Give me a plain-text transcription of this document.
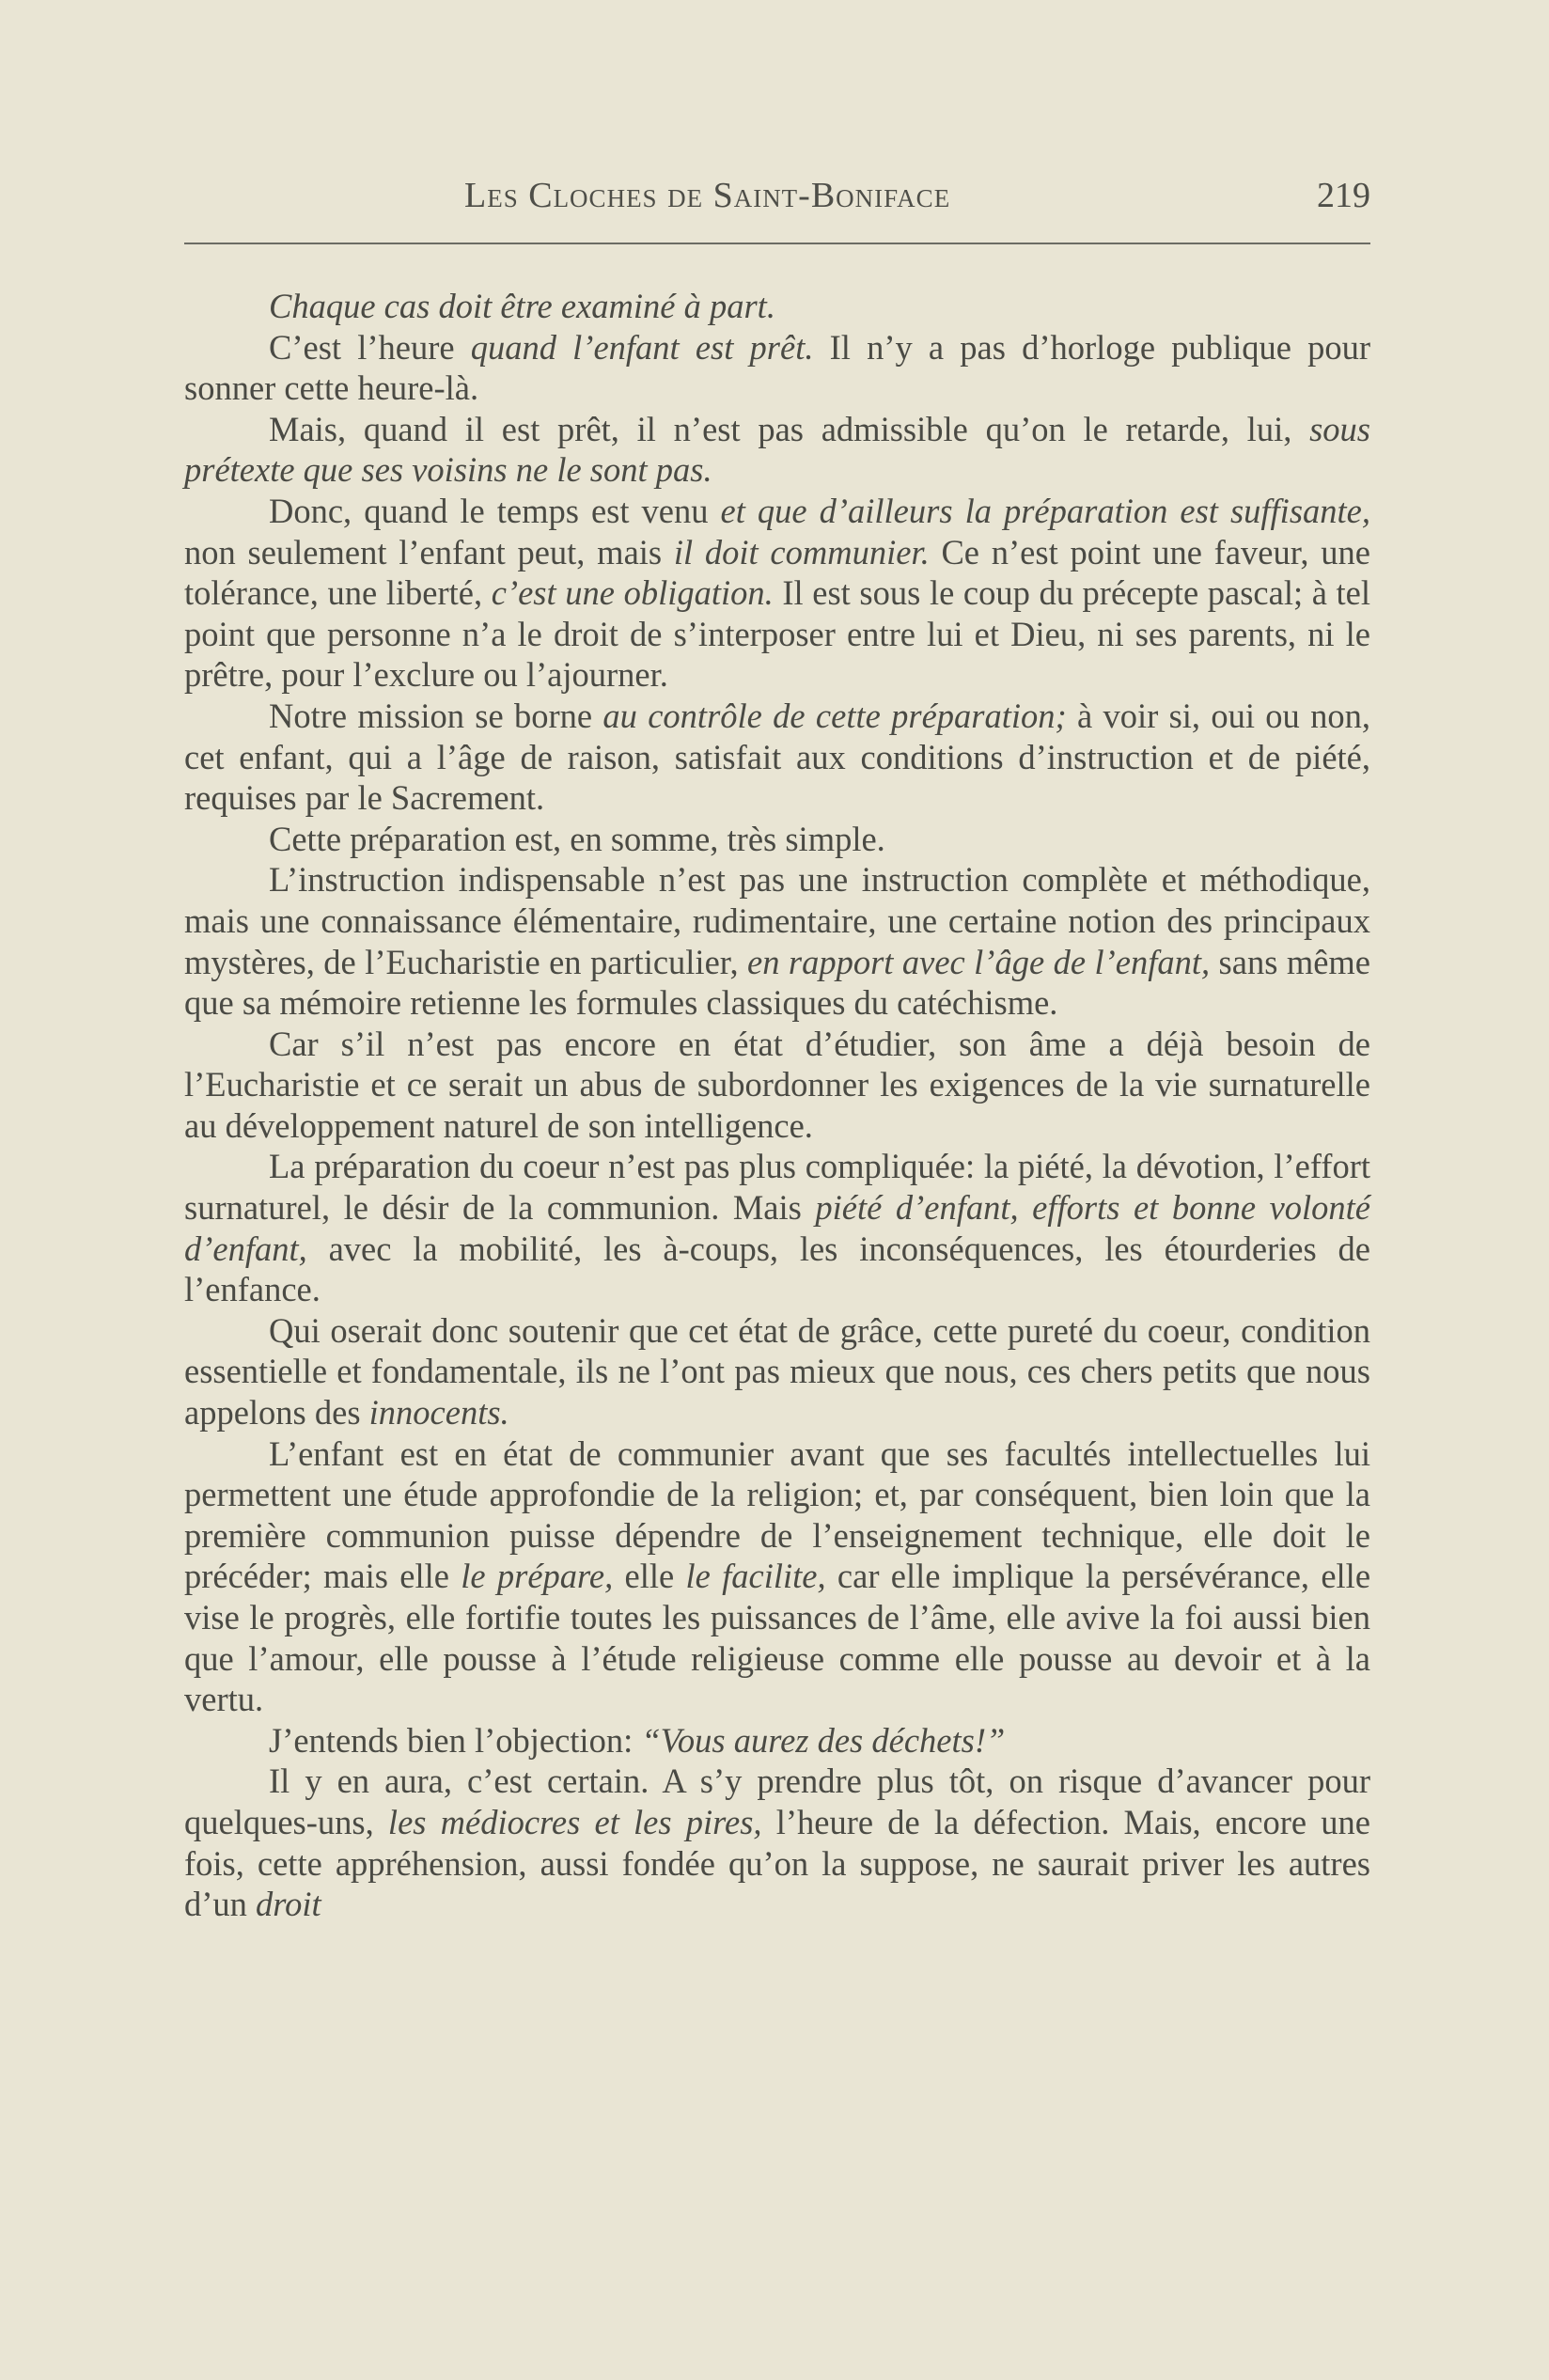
Les Cloches de Saint-Boniface	219

Chaque cas doit être examiné à part.

C’est l’heure quand l’enfant est prêt. Il n’y a pas d’horloge publique pour sonner cette heure-là.

Mais, quand il est prêt, il n’est pas admissible qu’on le retarde, lui, sous prétexte que ses voisins ne le sont pas.

Donc, quand le temps est venu et que d’ailleurs la préparation est suffisante, non seulement l’enfant peut, mais il doit communier. Ce n’est point une faveur, une tolérance, une liberté, c’est une obligation. Il est sous le coup du précepte pascal; à tel point que personne n’a le droit de s’interposer entre lui et Dieu, ni ses parents, ni le prêtre, pour l’exclure ou l’ajourner.

Notre mission se borne au contrôle de cette préparation; à voir si, oui ou non, cet enfant, qui a l’âge de raison, satisfait aux conditions d’instruction et de piété, requises par le Sacrement.

Cette préparation est, en somme, très simple.

L’instruction indispensable n’est pas une instruction complète et méthodique, mais une connaissance élémentaire, rudimentaire, une certaine notion des principaux mystères, de l’Eucharistie en particulier, en rapport avec l’âge de l’enfant, sans même que sa mémoire retienne les formules classiques du catéchisme.

Car s’il n’est pas encore en état d’étudier, son âme a déjà besoin de l’Eucharistie et ce serait un abus de subordonner les exigences de la vie surnaturelle au développement naturel de son intelligence.

La préparation du coeur n’est pas plus compliquée: la piété, la dévotion, l’effort surnaturel, le désir de la communion. Mais piété d’enfant, efforts et bonne volonté d’enfant, avec la mobilité, les à-coups, les inconséquences, les étourderies de l’enfance.

Qui oserait donc soutenir que cet état de grâce, cette pureté du coeur, condition essentielle et fondamentale, ils ne l’ont pas mieux que nous, ces chers petits que nous appelons des innocents.

L’enfant est en état de communier avant que ses facultés intellectuelles lui permettent une étude approfondie de la religion; et, par conséquent, bien loin que la première communion puisse dépendre de l’enseignement technique, elle doit le précéder; mais elle le prépare, elle le facilite, car elle implique la persévérance, elle vise le progrès, elle fortifie toutes les puissances de l’âme, elle avive la foi aussi bien que l’amour, elle pousse à l’étude religieuse comme elle pousse au devoir et à la vertu.

J’entends bien l’objection: “Vous aurez des déchets!”

Il y en aura, c’est certain. A s’y prendre plus tôt, on risque d’avancer pour quelques-uns, les médiocres et les pires, l’heure de la défection. Mais, encore une fois, cette appréhension, aussi fondée qu’on la suppose, ne saurait priver les autres d’un droit
